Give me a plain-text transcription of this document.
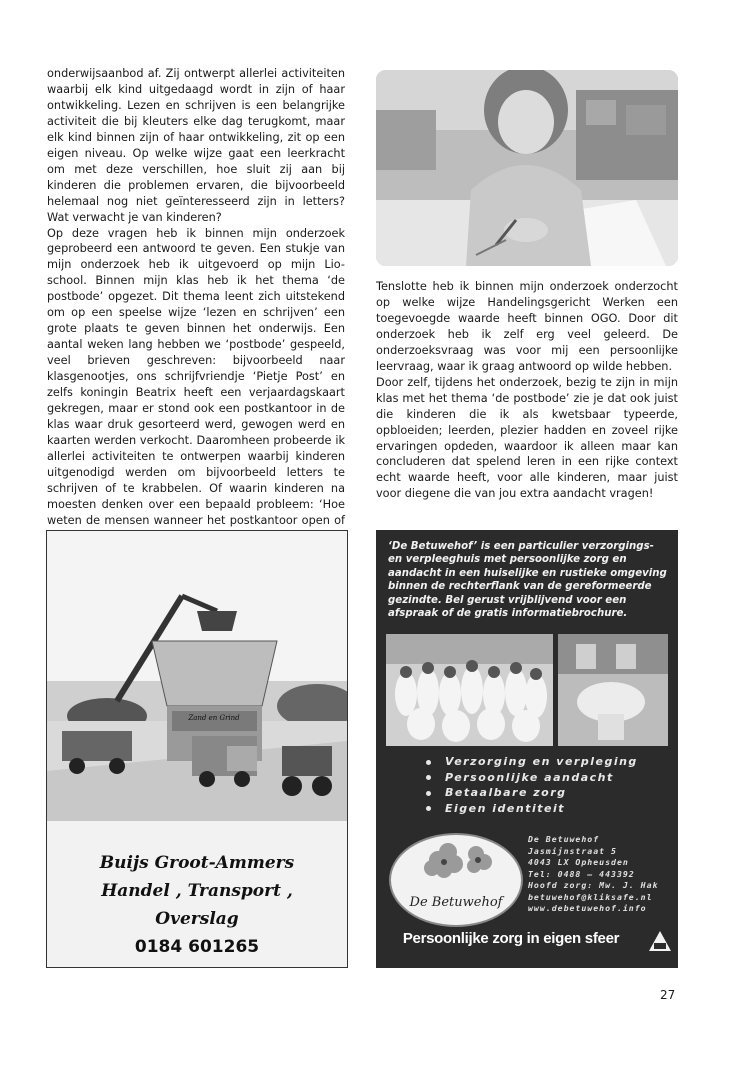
onderwijsaanbod af. Zij ontwerpt allerlei activiteiten waarbij elk kind uitgedaagd wordt in zijn of haar ontwikkeling. Lezen en schrijven is een belangrijke activiteit die bij kleuters elke dag terugkomt, maar elk kind binnen zijn of haar ontwikkeling, zit op een eigen niveau. Op welke wijze gaat een leerkracht om met deze verschillen, hoe sluit zij aan bij kinderen die problemen ervaren, die bijvoorbeeld helemaal nog niet geïnteresseerd zijn in letters? Wat verwacht je van kinderen?

Op deze vragen heb ik binnen mijn onderzoek geprobeerd een antwoord te geven. Een stukje van mijn onderzoek heb ik uitgevoerd op mijn Lio-school. Binnen mijn klas heb ik het thema ‘de postbode’ opgezet. Dit thema leent zich uitstekend om op een speelse wijze ‘lezen en schrijven’ een grote plaats te geven binnen het onderwijs. Een aantal weken lang hebben we ‘postbode’ gespeeld, veel brieven geschreven: bijvoorbeeld naar klasgenootjes, ons schrijfvriendje ‘Pietje Post’ en zelfs koningin Beatrix heeft een verjaardagskaart gekregen, maar er stond ook een postkantoor in de klas waar druk gesorteerd werd, gewogen werd en kaarten werden verkocht. Daaromheen probeerde ik allerlei activiteiten te ontwerpen waarbij kinderen uitgenodigd werden om bijvoorbeeld letters te schrijven of te krabbelen. Of waarin kinderen na moesten denken over een bepaald probleem: ‘Hoe weten de mensen wanneer het postkantoor open of

Tenslotte heb ik binnen mijn onderzoek onderzocht op welke wijze Handelingsgericht Werken een toegevoegde waarde heeft binnen OGO. Door dit onderzoek heb ik zelf erg veel geleerd. De onderzoeksvraag was voor mij een persoonlijke leervraag, waar ik graag antwoord op wilde hebben.

Door zelf, tijdens het onderzoek, bezig te zijn in mijn klas met het thema ‘de postbode’ zie je dat ook juist die kinderen die ik als kwetsbaar typeerde, opbloeiden; leerden, plezier hadden en zoveel rijke ervaringen opdeden, waardoor ik alleen maar kan concluderen dat spelend leren in een rijke context echt waarde heeft, voor alle kinderen, maar juist voor diegene die van jou extra aandacht vragen!

Zand en Grind
Buijs Groot-Ammers
Handel , Transport ,
Overslag
0184 601265
‘De Betuwehof’ is een particulier verzorgings- en verpleeghuis met persoonlijke zorg en aandacht in een huiselijke en rustieke omgeving binnen de rechterflank van de gereformeerde gezindte. Bel gerust vrijblijvend voor een afspraak of de gratis informatiebrochure.
Verzorging en verpleging
Persoonlijke aandacht
Betaalbare zorg
Eigen identiteit
De Betuwehof
De Betuwehof
Jasmijnstraat 5
4043 LX Opheusden
Tel: 0488 – 443392
Hoofd zorg: Mw. J. Hak
betuwehof@kliksafe.nl
www.debetuwehof.info
Persoonlijke zorg in eigen sfeer
27
